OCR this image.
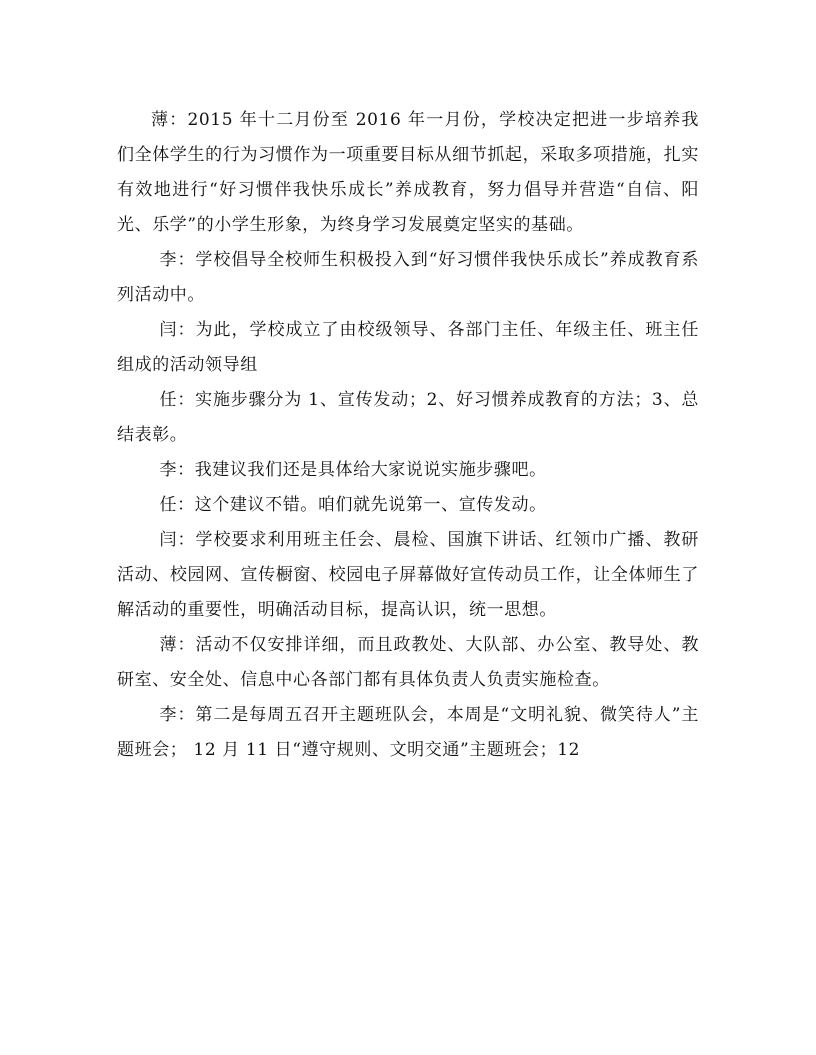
薄：2015 年十二月份至 2016 年一月份，学校决定把进一步培养我们全体学生的行为习惯作为一项重要目标从细节抓起，采取多项措施，扎实有效地进行“好习惯伴我快乐成长”养成教育，努力倡导并营造“自信、阳光、乐学”的小学生形象，为终身学习发展奠定坚实的基础。

李：学校倡导全校师生积极投入到“好习惯伴我快乐成长”养成教育系列活动中。

闫：为此，学校成立了由校级领导、各部门主任、年级主任、班主任组成的活动领导组

任：实施步骤分为 1、宣传发动；2、好习惯养成教育的方法；3、总结表彰。

李：我建议我们还是具体给大家说说实施步骤吧。

任：这个建议不错。咱们就先说第一、宣传发动。

闫：学校要求利用班主任会、晨检、国旗下讲话、红领巾广播、教研活动、校园网、宣传橱窗、校园电子屏幕做好宣传动员工作，让全体师生了解活动的重要性，明确活动目标，提高认识，统一思想。

薄：活动不仅安排详细，而且政教处、大队部、办公室、教导处、教研室、安全处、信息中心各部门都有具体负责人负责实施检查。

李：第二是每周五召开主题班队会，本周是“文明礼貌、微笑待人”主题班会； 12 月 11 日“遵守规则、文明交通”主题班会；12
